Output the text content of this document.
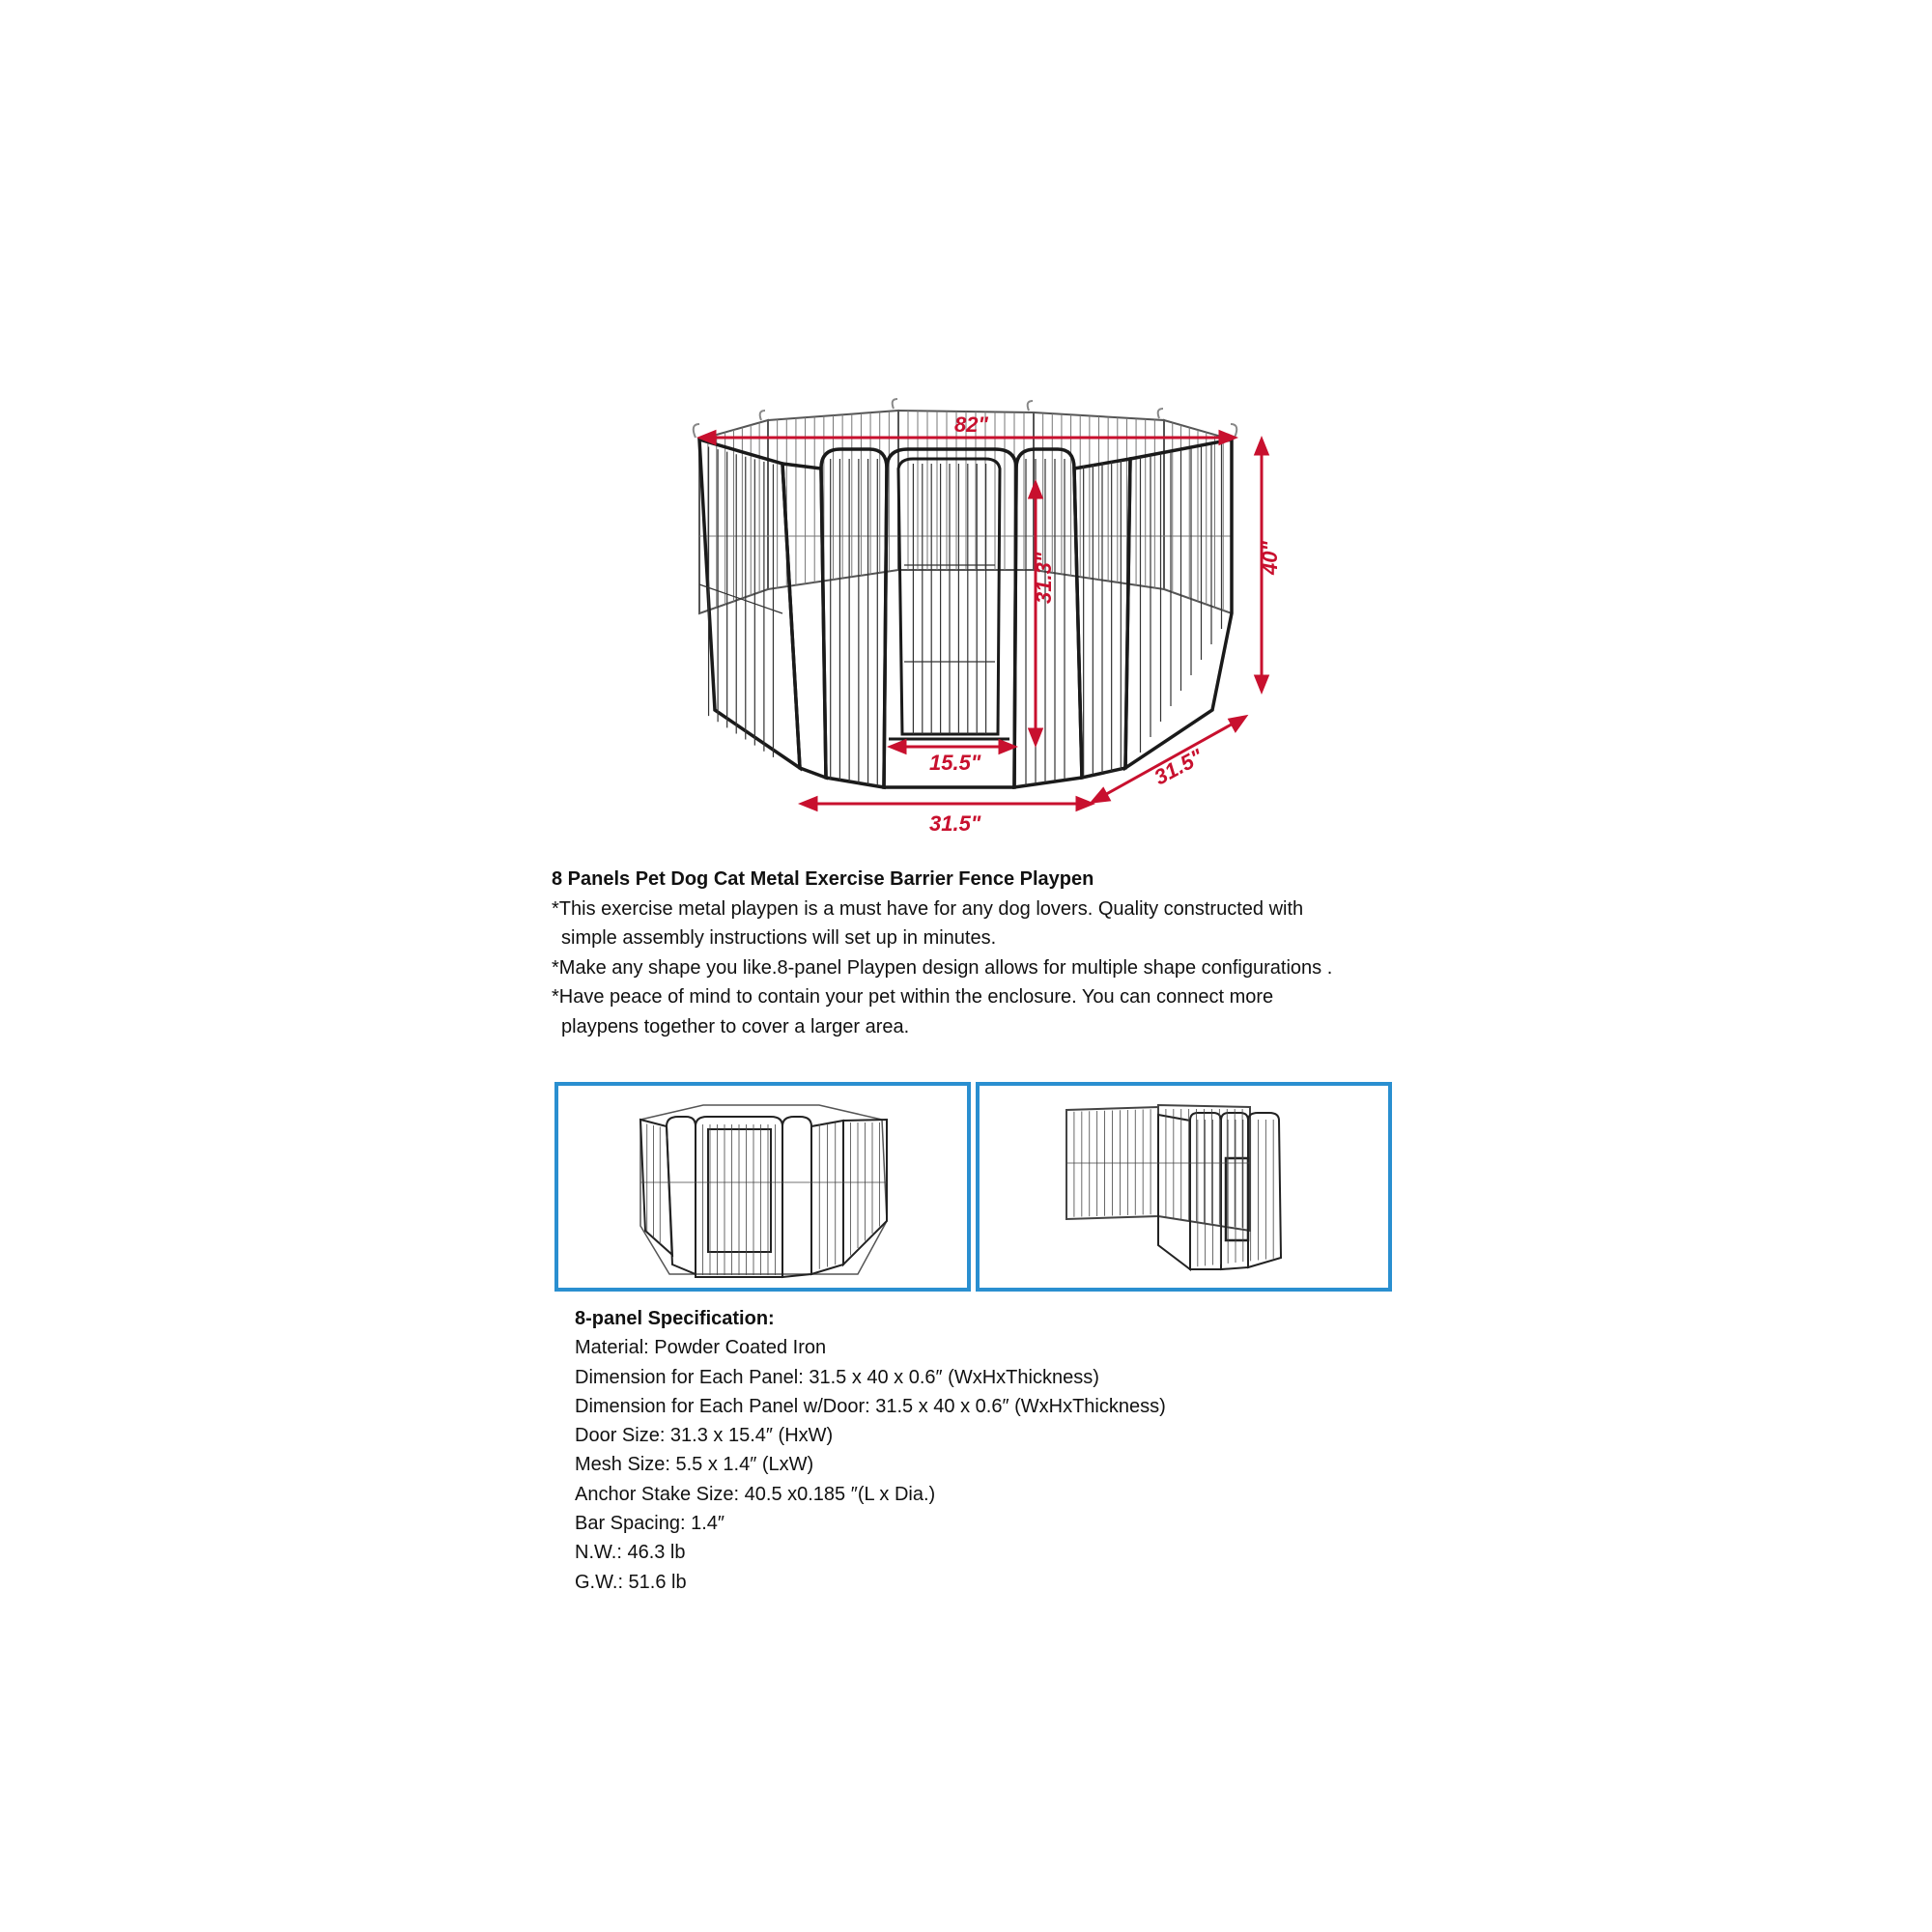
82"
40"
31.3"
15.5"
31.5"
31.5"
8 Panels Pet Dog Cat Metal Exercise Barrier Fence Playpen
*This exercise metal playpen is a must have for any dog lovers. Quality constructed with
simple assembly instructions will set up in minutes.
*Make any shape you like.8-panel Playpen design allows for multiple shape configurations .
*Have peace of mind to contain your pet within the enclosure. You can connect more
playpens together to cover a larger area.
8-panel Specification:
Material: Powder Coated Iron
Dimension for Each Panel: 31.5 x 40 x 0.6″ (WxHxThickness)
Dimension for Each Panel w/Door: 31.5 x 40 x 0.6″ (WxHxThickness)
Door Size: 31.3 x 15.4″ (HxW)
Mesh Size: 5.5 x 1.4″ (LxW)
Anchor Stake Size: 40.5 x0.185 ″(L x Dia.)
Bar Spacing: 1.4″
N.W.: 46.3 lb
G.W.: 51.6 lb
